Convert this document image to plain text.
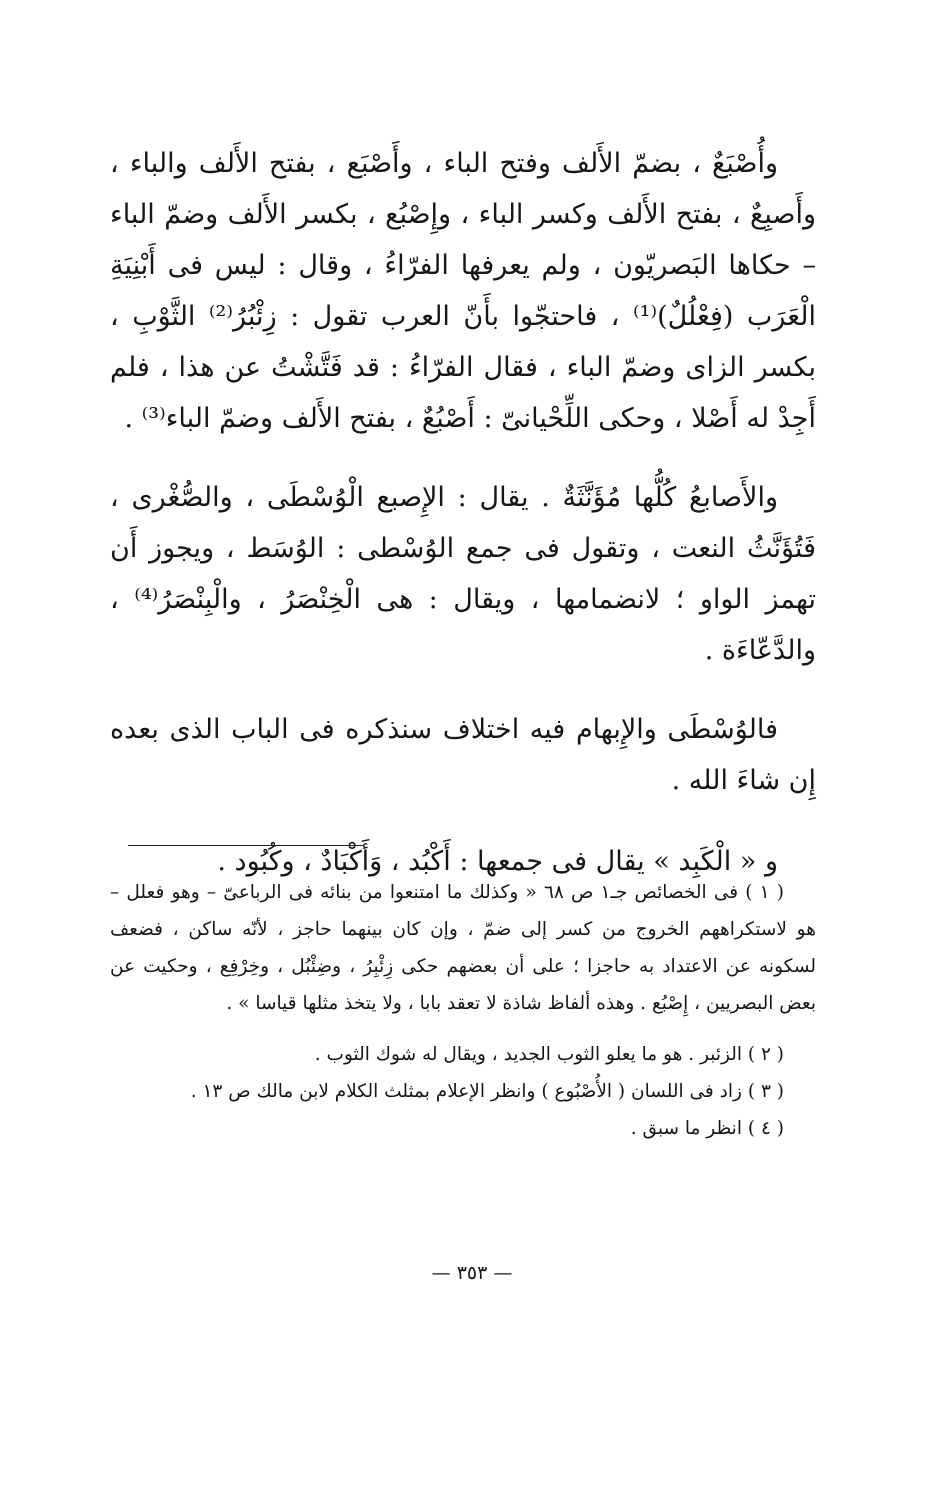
وأُصْبَعٌ ، بضمّ الأَلف وفتح الباء ، وأَصْبَع ، بفتح الأَلف والباء ، وأَصبِعٌ ، بفتح الأَلف وكسر الباء ، وإِصْبُع ، بكسر الأَلف وضمّ الباء – حكاها البَصريّون ، ولم يعرفها الفرّاءُ ، وقال : ليس فى أَبْنِيَةِ الْعَرَب (فِعْلُلٌ)⁽¹⁾ ، فاحتجّوا بأَنّ العرب تقول : زِئْبُرُ⁽²⁾ الثَّوْبِ ، بكسر الزاى وضمّ الباء ، فقال الفرّاءُ : قد فَتَّشْتُ عن هذا ، فلم أَجِدْ له أَصْلا ، وحكى اللِّحْيانىّ : أَصْبُعٌ ، بفتح الأَلف وضمّ الباء⁽³⁾ .

والأَصابعُ كُلُّها مُؤَنَّثَةٌ . يقال : الإِصبع الْوُسْطَى ، والصُّغْرى ، فَتُؤَنَّثُ النعت ، وتقول فى جمع الوُسْطى : الوُسَط ، ويجوز أَن تهمز الواو ؛ لانضمامها ، ويقال : هى الْخِنْصَرُ ، والْبِنْصَرُ⁽⁴⁾ ، والدَّعّاءَة .

فالوُسْطَى والإِبهام فيه اختلاف سنذكره فى الباب الذى بعده إِن شاءَ الله .

و « الْكَبِد » يقال فى جمعها : أَكْبُد ، وَأَكْبَادٌ ، وكُبُود .

( ١ ) فى الخصائص جـ١ ص ٦٨ « وكذلك ما امتنعوا من بنائه فى الرباعىّ – وهو فعلل – هو لاستكراههم الخروج من كسر إلى ضمّ ، وإن كان بينهما حاجز ، لأنّه ساكن ، فضعف لسكونه عن الاعتداد به حاجزا ؛ على أن بعضهم حكى زِئْبِرُ ، وضِئْبُل ، وخِرْفِع ، وحكيت عن بعض البصريين ، إِصْبُع . وهذه ألفاظ شاذة لا تعقد بابا ، ولا يتخذ مثلها قياسا » .

( ٢ ) الزئبر . هو ما يعلو الثوب الجديد ، ويقال له شوك الثوب .

( ٣ ) زاد فى اللسان ( الأُصْبُوع ) وانظر الإعلام بمثلث الكلام لابن مالك ص ١٣ .

( ٤ ) انظر ما سبق .

— ٣٥٣ —
